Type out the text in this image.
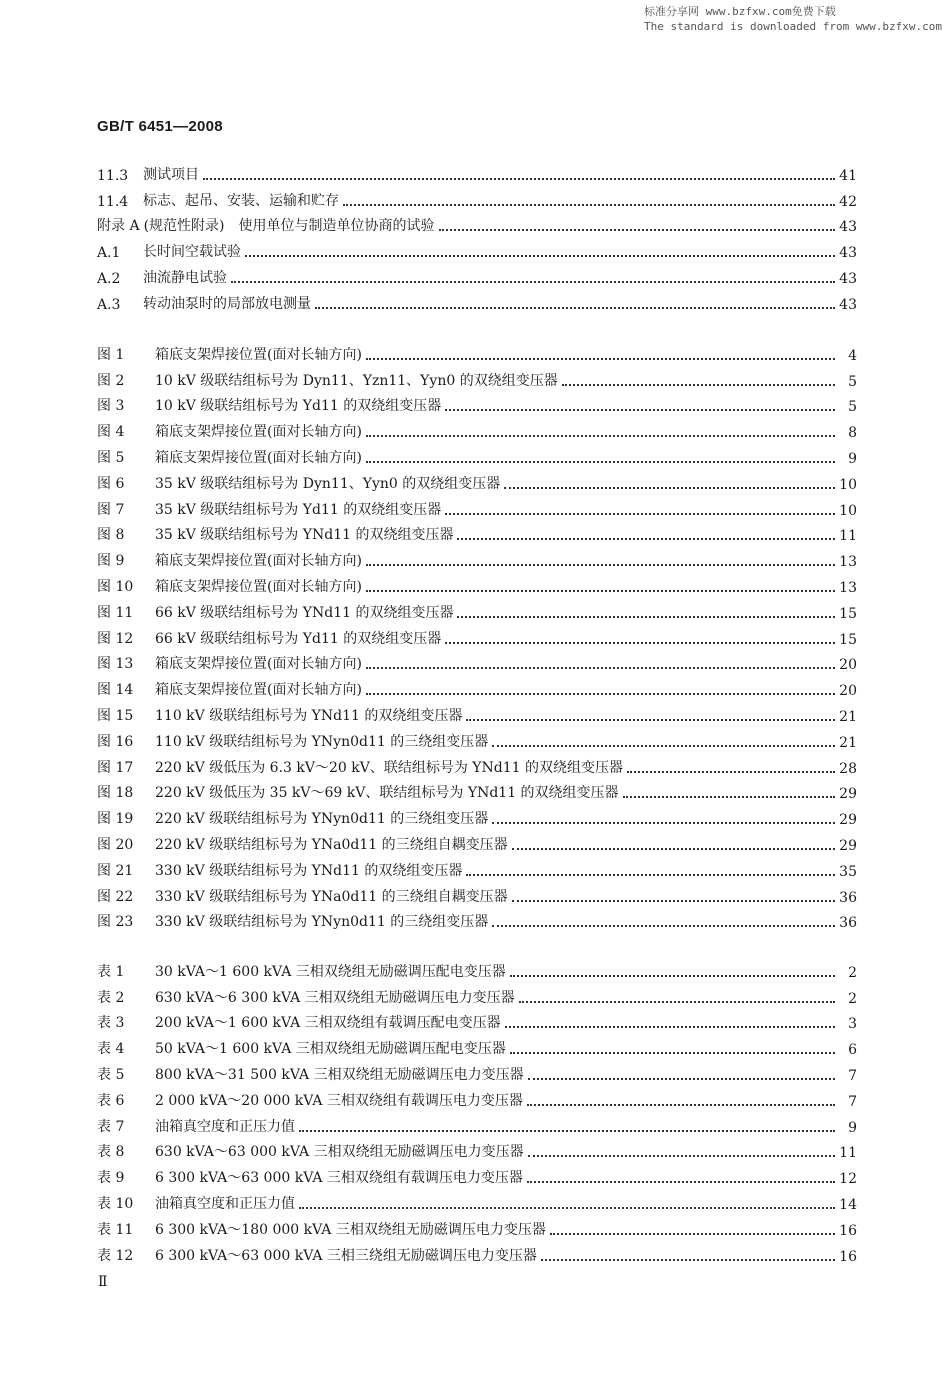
标准分享网 www.bzfxw.com免费下载
The standard is downloaded from www.bzfxw.com
GB/T 6451—2008
11.3	测试项目	41
11.4	标志、起吊、安装、运输和贮存	42
附录 A (规范性附录)　使用单位与制造单位协商的试验	43
A.1	长时间空载试验	43
A.2	油流静电试验	43
A.3	转动油泵时的局部放电测量	43
图 1	箱底支架焊接位置(面对长轴方向)	4
图 2	10 kV 级联结组标号为 Dyn11、Yzn11、Yyn0 的双绕组变压器	5
图 3	10 kV 级联结组标号为 Yd11 的双绕组变压器	5
图 4	箱底支架焊接位置(面对长轴方向)	8
图 5	箱底支架焊接位置(面对长轴方向)	9
图 6	35 kV 级联结组标号为 Dyn11、Yyn0 的双绕组变压器	10
图 7	35 kV 级联结组标号为 Yd11 的双绕组变压器	10
图 8	35 kV 级联结组标号为 YNd11 的双绕组变压器	11
图 9	箱底支架焊接位置(面对长轴方向)	13
图 10	箱底支架焊接位置(面对长轴方向)	13
图 11	66 kV 级联结组标号为 YNd11 的双绕组变压器	15
图 12	66 kV 级联结组标号为 Yd11 的双绕组变压器	15
图 13	箱底支架焊接位置(面对长轴方向)	20
图 14	箱底支架焊接位置(面对长轴方向)	20
图 15	110 kV 级联结组标号为 YNd11 的双绕组变压器	21
图 16	110 kV 级联结组标号为 YNyn0d11 的三绕组变压器	21
图 17	220 kV 级低压为 6.3 kV～20 kV、联结组标号为 YNd11 的双绕组变压器	28
图 18	220 kV 级低压为 35 kV～69 kV、联结组标号为 YNd11 的双绕组变压器	29
图 19	220 kV 级联结组标号为 YNyn0d11 的三绕组变压器	29
图 20	220 kV 级联结组标号为 YNa0d11 的三绕组自耦变压器	29
图 21	330 kV 级联结组标号为 YNd11 的双绕组变压器	35
图 22	330 kV 级联结组标号为 YNa0d11 的三绕组自耦变压器	36
图 23	330 kV 级联结组标号为 YNyn0d11 的三绕组变压器	36
表 1	30 kVA～1 600 kVA 三相双绕组无励磁调压配电变压器	2
表 2	630 kVA～6 300 kVA 三相双绕组无励磁调压电力变压器	2
表 3	200 kVA～1 600 kVA 三相双绕组有载调压配电变压器	3
表 4	50 kVA～1 600 kVA 三相双绕组无励磁调压配电变压器	6
表 5	800 kVA～31 500 kVA 三相双绕组无励磁调压电力变压器	7
表 6	2 000 kVA～20 000 kVA 三相双绕组有载调压电力变压器	7
表 7	油箱真空度和正压力值	9
表 8	630 kVA～63 000 kVA 三相双绕组无励磁调压电力变压器	11
表 9	6 300 kVA～63 000 kVA 三相双绕组有载调压电力变压器	12
表 10	油箱真空度和正压力值	14
表 11	6 300 kVA～180 000 kVA 三相双绕组无励磁调压电力变压器	16
表 12	6 300 kVA～63 000 kVA 三相三绕组无励磁调压电力变压器	16
Ⅱ
